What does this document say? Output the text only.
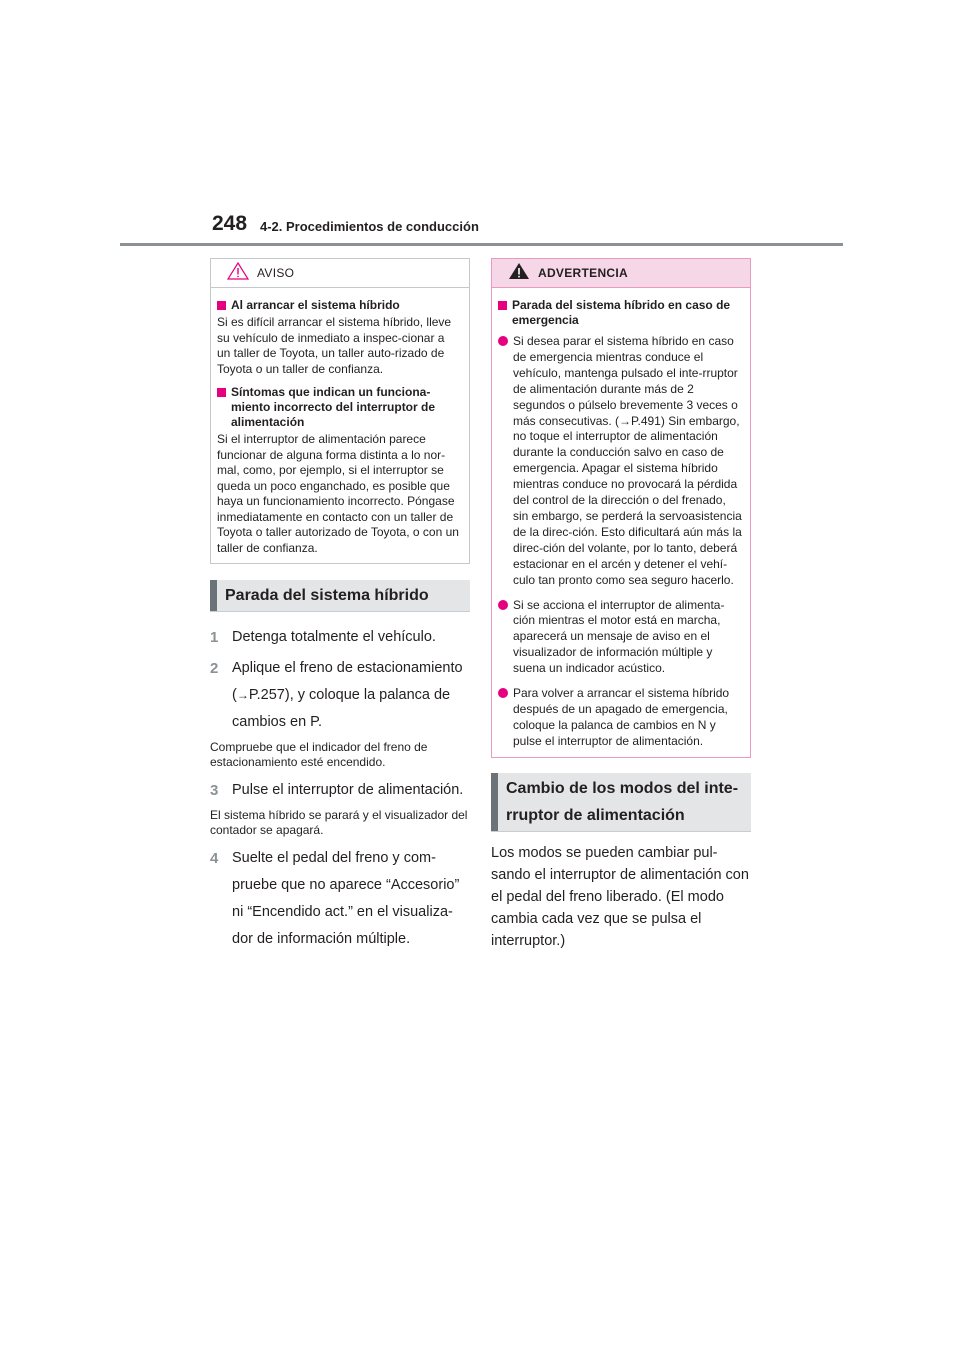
248 4-2. Procedimientos de conducción
AVISO
Al arrancar el sistema híbrido

Si es difícil arrancar el sistema híbrido, lleve su vehículo de inmediato a inspec-cionar a un taller de Toyota, un taller auto-rizado de Toyota o un taller de confianza.

Síntomas que indican un funciona-miento incorrecto del interruptor de alimentación

Si el interruptor de alimentación parece funcionar de alguna forma distinta a lo nor-mal, como, por ejemplo, si el interruptor se queda un poco enganchado, es posible que haya un funcionamiento incorrecto. Póngase inmediatamente en contacto con un taller de Toyota o taller autorizado de Toyota, o con un taller de confianza.

Parada del sistema híbrido
1 Detenga totalmente el vehículo.
2 Aplique el freno de estacionamiento (→P.257), y coloque la palanca de cambios en P.
Compruebe que el indicador del freno de estacionamiento esté encendido.
3 Pulse el interruptor de alimentación.
El sistema híbrido se parará y el visualizador del contador se apagará.
4 Suelte el pedal del freno y com-pruebe que no aparece “Accesorio” ni “Encendido act.” en el visualiza-dor de información múltiple.
ADVERTENCIA
Parada del sistema híbrido en caso de emergencia
Si desea parar el sistema híbrido en caso de emergencia mientras conduce el vehículo, mantenga pulsado el inte-rruptor de alimentación durante más de 2 segundos o púlselo brevemente 3 veces o más consecutivas. (→P.491) Sin embargo, no toque el interruptor de alimentación durante la conducción salvo en caso de emergencia. Apagar el sistema híbrido mientras conduce no provocará la pérdida del control de la dirección o del frenado, sin embargo, se perderá la servoasistencia de la direc-ción. Esto dificultará aún más la direc-ción del volante, por lo tanto, deberá estacionar en el arcén y detener el vehí-culo tan pronto como sea seguro hacerlo.
Si se acciona el interruptor de alimenta-ción mientras el motor está en marcha, aparecerá un mensaje de aviso en el visualizador de información múltiple y suena un indicador acústico.
Para volver a arrancar el sistema híbrido después de un apagado de emergencia, coloque la palanca de cambios en N y pulse el interruptor de alimentación.
Cambio de los modos del inte-rruptor de alimentación
Los modos se pueden cambiar pul-sando el interruptor de alimentación con el pedal del freno liberado. (El modo cambia cada vez que se pulsa el interruptor.)
